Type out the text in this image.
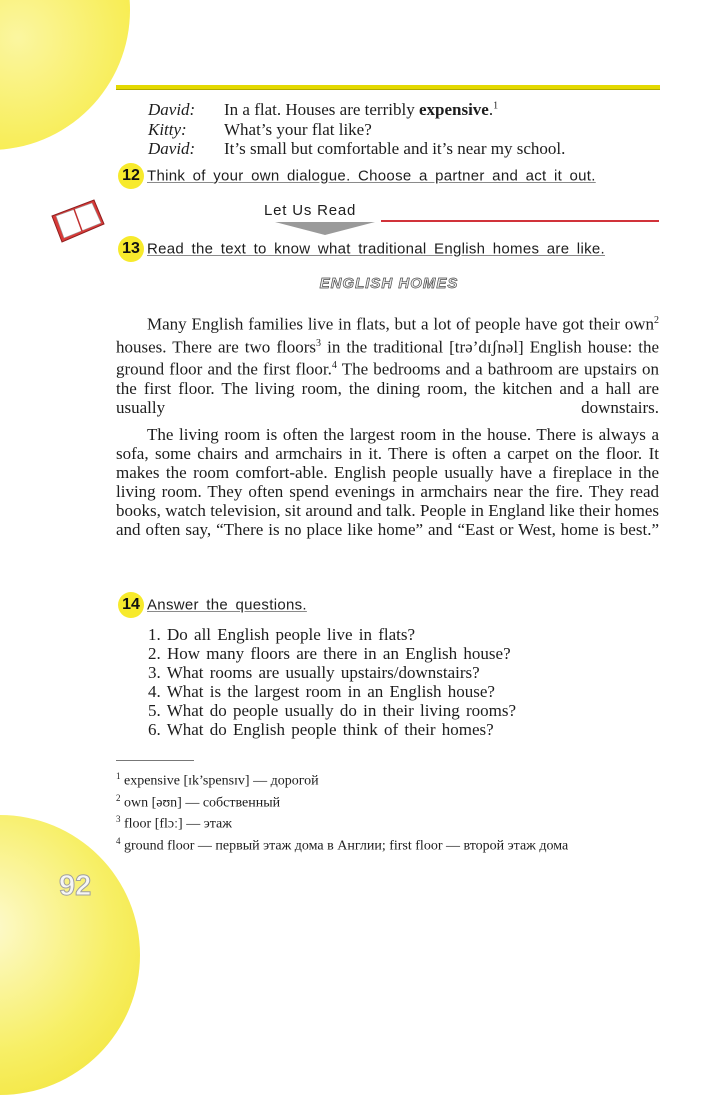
David: In a flat. Houses are terribly expensive.$^1$
Kitty: What’s your flat like?
David: It’s small but comfortable and it’s near my school.
12 Think of your own dialogue. Choose a partner and act it out.
Let Us Read
13 Read the text to know what traditional English homes are like.
ENGLISH HOMES

Many English families live in flats, but a lot of people have got their own$^2$ houses. There are two floors$^3$ in the traditional [trə’dɪʃnəl] English house: the ground floor and the first floor.$^4$ The bedrooms and a bathroom are upstairs on the first floor. The living room, the dining room, the kitchen and a hall are usually downstairs.

The living room is often the largest room in the house. There is always a sofa, some chairs and armchairs in it. There is often a carpet on the floor. It makes the room comfort-able. English people usually have a fireplace in the living room. They often spend evenings in armchairs near the fire. They read books, watch television, sit around and talk. People in England like their homes and often say, “There is no place like home” and “East or West, home is best.”

14 Answer the questions.
1. Do all English people live in flats?
2. How many floors are there in an English house?
3. What rooms are usually upstairs/downstairs?
4. What is the largest room in an English house?
5. What do people usually do in their living rooms?
6. What do English people think of their homes?
$^1$ expensive [ɪk’spensɪv] — дорогой
$^2$ own [əʊn] — собственный
$^3$ floor [flɔː] — этаж
$^4$ ground floor — первый этаж дома в Англии; first floor — второй этаж дома
92
